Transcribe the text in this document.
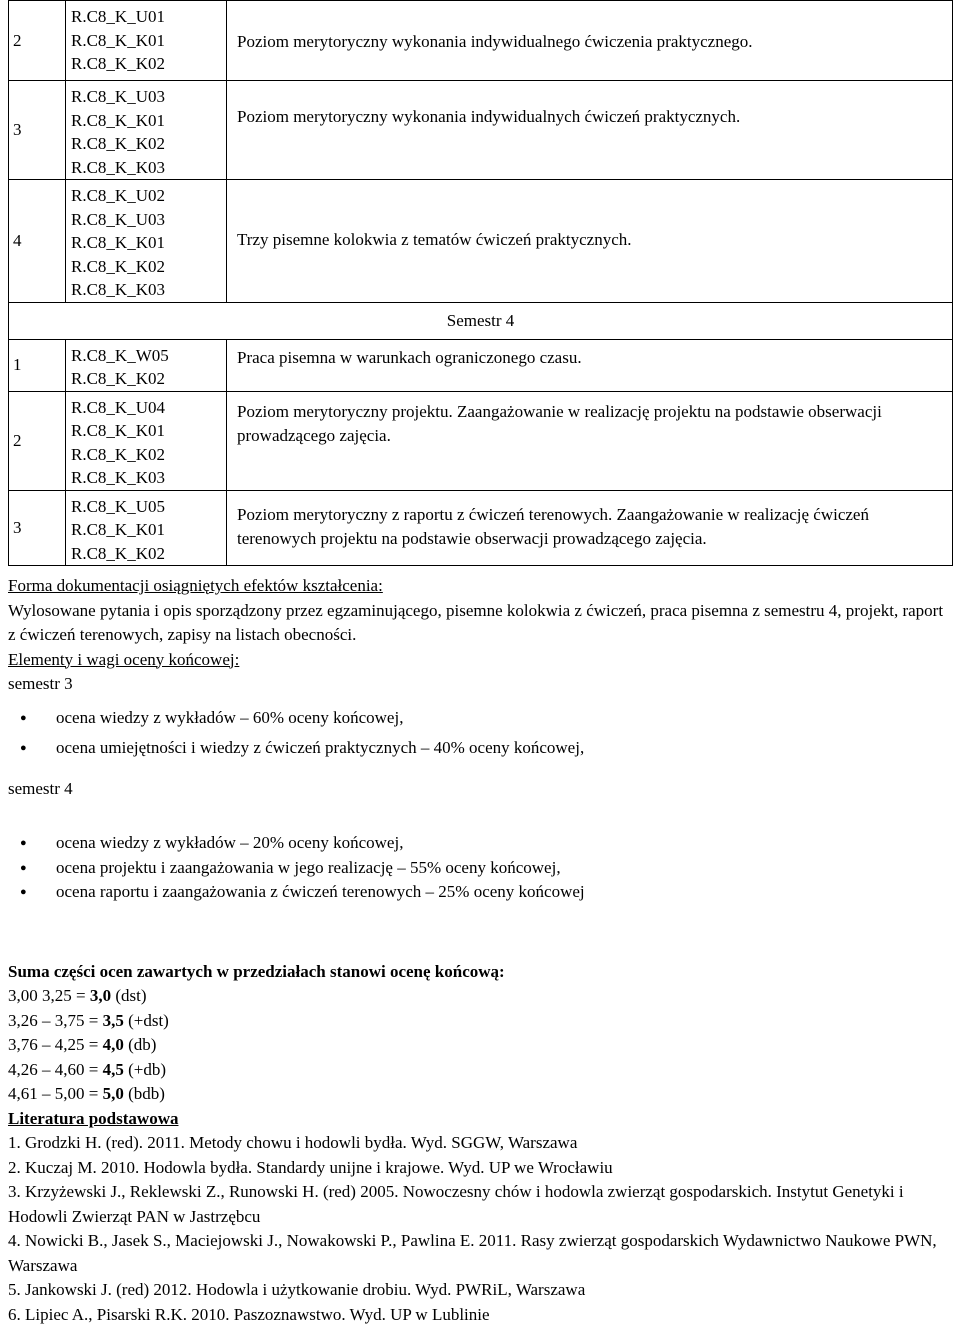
2	R.C8_K_U01
R.C8_K_K01
R.C8_K_K02	Poziom merytoryczny wykonania indywidualnego ćwiczenia praktycznego.
3	R.C8_K_U03
R.C8_K_K01
R.C8_K_K02
R.C8_K_K03	Poziom merytoryczny wykonania indywidualnych ćwiczeń praktycznych.
4	R.C8_K_U02
R.C8_K_U03
R.C8_K_K01
R.C8_K_K02
R.C8_K_K03	Trzy pisemne kolokwia z tematów ćwiczeń praktycznych.
Semestr 4		
1	R.C8_K_W05
R.C8_K_K02	Praca pisemna w warunkach ograniczonego czasu.
2	R.C8_K_U04
R.C8_K_K01
R.C8_K_K02
R.C8_K_K03	Poziom merytoryczny projektu. Zaangażowanie w realizację projektu na podstawie obserwacji prowadzącego zajęcia.
3	R.C8_K_U05
R.C8_K_K01
R.C8_K_K02	Poziom merytoryczny z raportu z ćwiczeń terenowych. Zaangażowanie w realizację ćwiczeń terenowych projektu na podstawie obserwacji prowadzącego zajęcia.
Forma dokumentacji osiągniętych efektów kształcenia:
Wylosowane pytania i opis sporządzony przez egzaminującego, pisemne kolokwia z ćwiczeń, praca pisemna z semestru 4, projekt, raport z ćwiczeń terenowych, zapisy na listach obecności.
Elementy i wagi oceny końcowej:
semestr 3
● ocena wiedzy z wykładów – 60% oceny końcowej,
● ocena umiejętności i wiedzy z ćwiczeń praktycznych – 40% oceny końcowej,
semestr 4
● ocena wiedzy z wykładów – 20% oceny końcowej,
● ocena projektu i zaangażowania w jego realizację – 55% oceny końcowej,
● ocena raportu i zaangażowania z ćwiczeń terenowych – 25% oceny końcowej
Suma części ocen zawartych w przedziałach stanowi ocenę końcową:
3,00 3,25 = 3,0 (dst)
3,26 – 3,75 = 3,5 (+dst)
3,76 – 4,25 = 4,0 (db)
4,26 – 4,60 = 4,5 (+db)
4,61 – 5,00 = 5,0 (bdb)
Literatura podstawowa
1. Grodzki H. (red). 2011. Metody chowu i hodowli bydła. Wyd. SGGW, Warszawa
2. Kuczaj M. 2010. Hodowla bydła. Standardy unijne i krajowe. Wyd. UP we Wrocławiu
3. Krzyżewski J., Reklewski Z., Runowski H. (red) 2005. Nowoczesny chów i hodowla zwierząt gospodarskich. Instytut Genetyki i Hodowli Zwierząt PAN w Jastrzębcu
4. Nowicki B., Jasek S., Maciejowski J., Nowakowski P., Pawlina E. 2011. Rasy zwierząt gospodarskich Wydawnictwo Naukowe PWN, Warszawa
5. Jankowski J. (red) 2012. Hodowla i użytkowanie drobiu. Wyd. PWRiL, Warszawa
6. Lipiec A., Pisarski R.K. 2010. Paszoznawstwo. Wyd. UP w Lublinie
